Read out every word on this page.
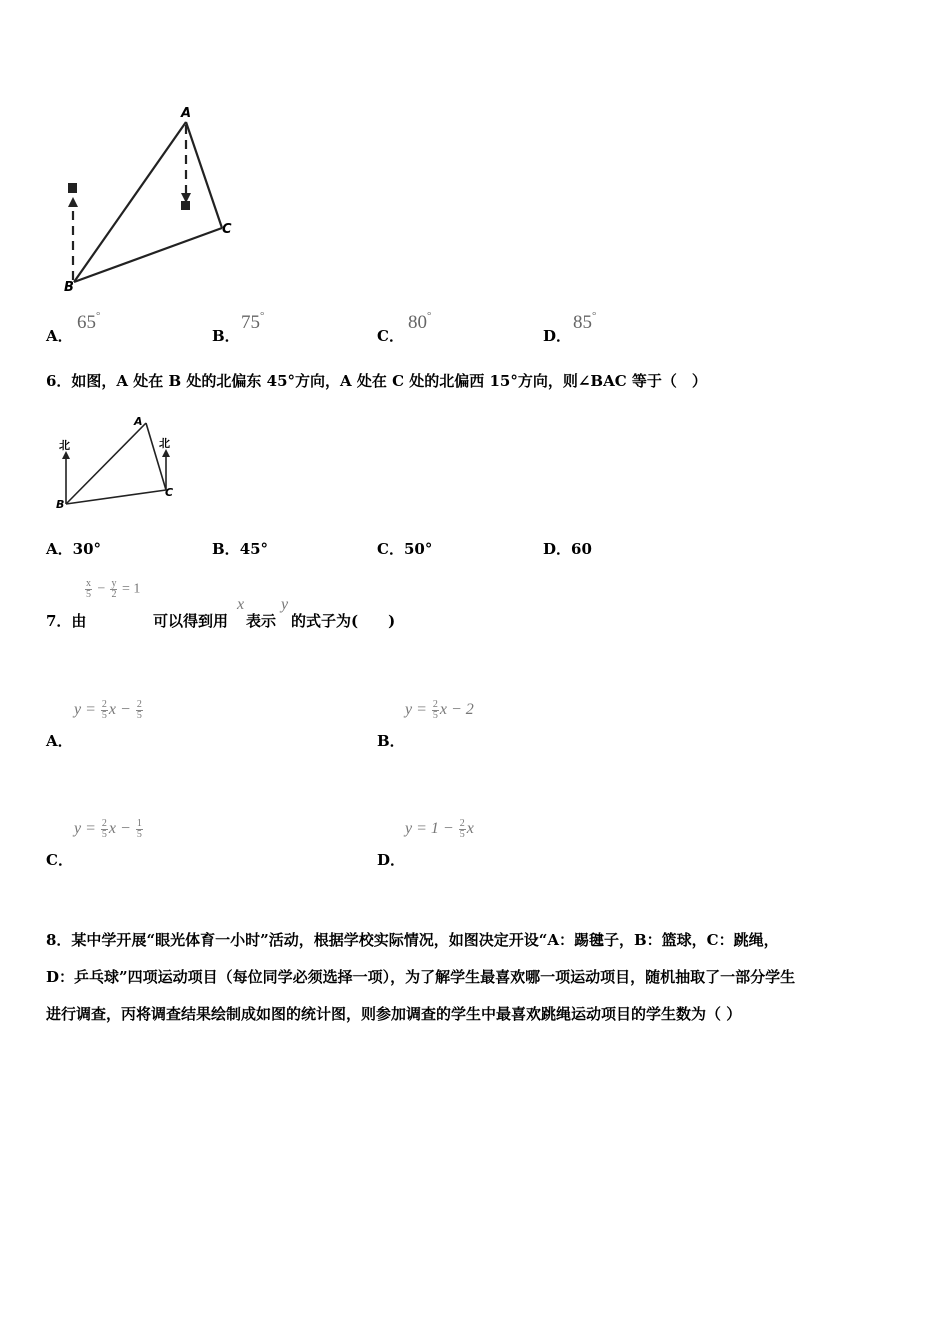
A
B
C
A．
65°
B．
75°
C．
80°
D．
85°
6．如图，A 处在 B 处的北偏东 45°方向，A 处在 C 处的北偏西 15°方向，则∠BAC 等于（　）
北	北
A
B
C
A．30°	B．45°	C．50°	D．60
$\frac{x}{5} - \frac{y}{2} = 1$
7．由	可以得到用
x
表示
y
的式子为(　　)
$y = \frac{2}{5}$ $x - \frac{2}{5}$
A．
$y = \frac{2}{5}$ x − 2
B．
$y = \frac{2}{5}$ $x - \frac{1}{5}$
C．
$y = 1 - \frac{2}{5}$ x
D．
8．某中学开展“眼光体育一小时”活动，根据学校实际情况，如图决定开设“A：踢毽子，B：篮球，C：跳绳，
D：乒乓球”四项运动项目（每位同学必须选择一项），为了解学生最喜欢哪一项运动项目，随机抽取了一部分学生
进行调查，丙将调查结果绘制成如图的统计图，则参加调查的学生中最喜欢跳绳运动项目的学生数为（ ）
